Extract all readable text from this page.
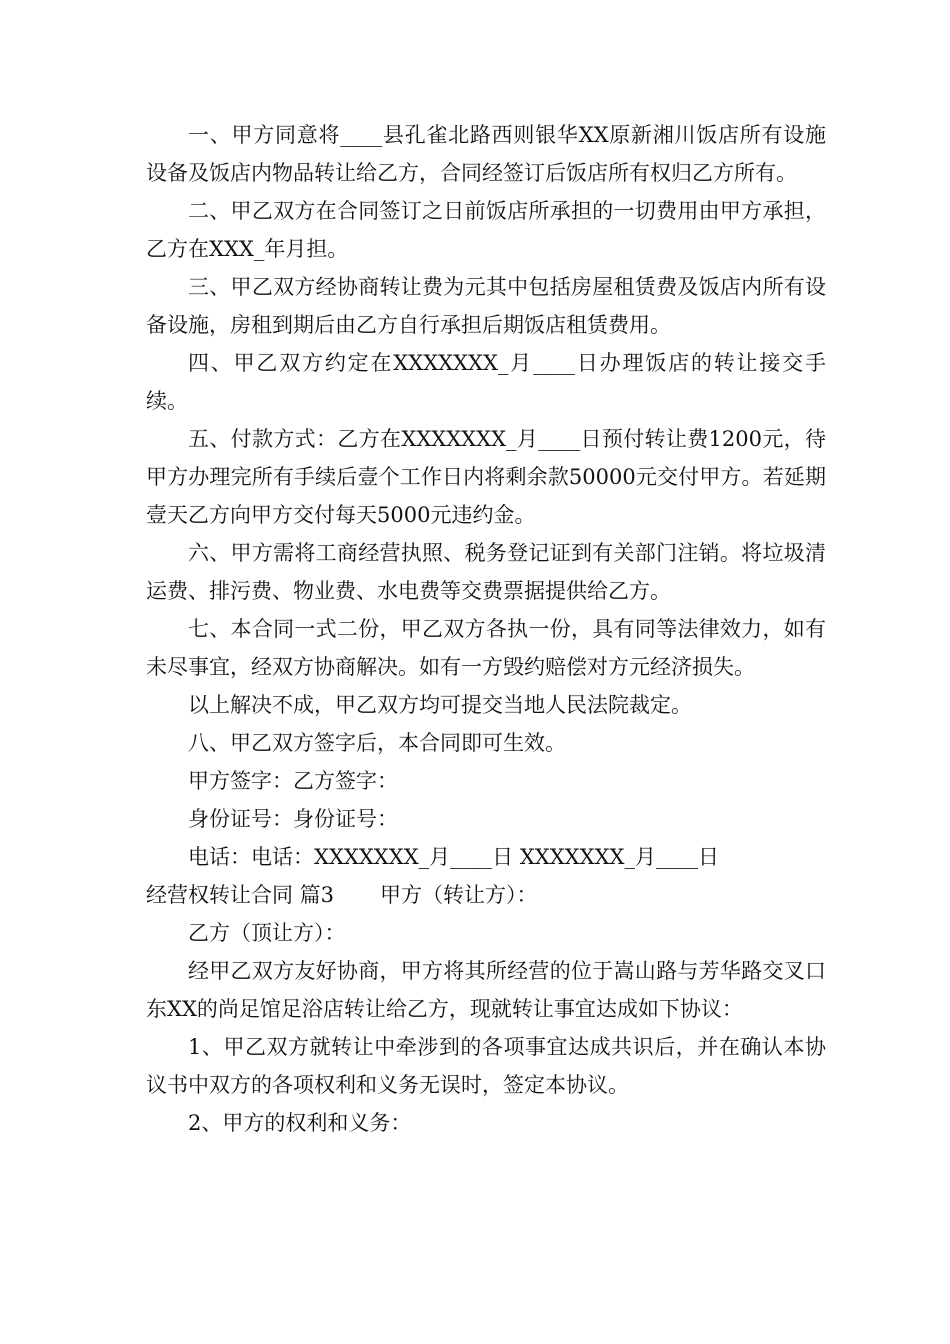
一、甲方同意将____县孔雀北路西则银华XX原新湘川饭店所有设施设备及饭店内物品转让给乙方，合同经签订后饭店所有权归乙方所有。

二、甲乙双方在合同签订之日前饭店所承担的一切费用由甲方承担，乙方在XXX_年月担。

三、甲乙双方经协商转让费为元其中包括房屋租赁费及饭店内所有设备设施，房租到期后由乙方自行承担后期饭店租赁费用。

四、甲乙双方约定在XXXXXXX_月____日办理饭店的转让接交手续。

五、付款方式：乙方在XXXXXXX_月____日预付转让费1200元，待甲方办理完所有手续后壹个工作日内将剩余款50000元交付甲方。若延期壹天乙方向甲方交付每天5000元违约金。

六、甲方需将工商经营执照、税务登记证到有关部门注销。将垃圾清运费、排污费、物业费、水电费等交费票据提供给乙方。

七、本合同一式二份，甲乙双方各执一份，具有同等法律效力，如有未尽事宜，经双方协商解决。如有一方毁约赔偿对方元经济损失。

以上解决不成，甲乙双方均可提交当地人民法院裁定。

八、甲乙双方签字后，本合同即可生效。

甲方签字：乙方签字：

身份证号：身份证号：

电话：电话：XXXXXXX_月____日 XXXXXXX_月____日

经营权转让合同 篇3 甲方（转让方）：

乙方（顶让方）：

经甲乙双方友好协商，甲方将其所经营的位于嵩山路与芳华路交叉口东XX的尚足馆足浴店转让给乙方，现就转让事宜达成如下协议：

1、甲乙双方就转让中牵涉到的各项事宜达成共识后，并在确认本协议书中双方的各项权利和义务无误时，签定本协议。

2、甲方的权利和义务：
